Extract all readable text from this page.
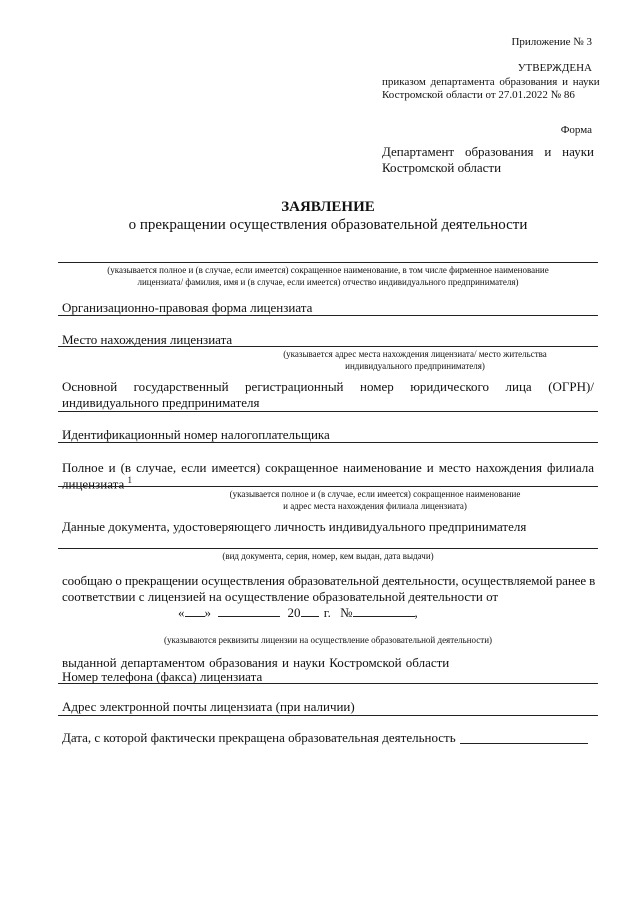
Приложение № 3
УТВЕРЖДЕНА
приказом департамента образования и науки
Костромской области от 27.01.2022 № 86
Форма
Департамент образования и науки
Костромской области
ЗАЯВЛЕНИЕ
о прекращении осуществления образовательной деятельности
(указывается полное и (в случае, если имеется) сокращенное наименование, в том числе фирменное наименование
лицензиата/ фамилия, имя и (в случае, если имеется) отчество индивидуального предпринимателя)
Организационно-правовая форма лицензиата
Место нахождения лицензиата
(указывается адрес места нахождения лицензиата/ место жительства
индивидуального предпринимателя)
Основной государственный регистрационный номер юридического лица (ОГРН)/
индивидуального предпринимателя
Идентификационный номер налогоплательщика
Полное и (в случае, если имеется) сокращенное наименование и место нахождения филиала
лицензиата $^1$
(указывается полное и (в случае, если имеется) сокращенное наименование
и адрес места нахождения филиала лицензиата)
Данные документа, удостоверяющего личность индивидуального предпринимателя
(вид документа, серия, номер, кем выдан, дата выдачи)
сообщаю о прекращении осуществления образовательной деятельности, осуществляемой ранее в
соответствии с лицензией на осуществление образовательной деятельности от
« »	20 г. №	,
(указываются реквизиты лицензии на осуществление образовательной деятельности)
выданной департаментом образования и науки Костромской области
Номер телефона (факса) лицензиата
Адрес электронной почты лицензиата (при наличии)
Дата, с которой фактически прекращена образовательная деятельность
